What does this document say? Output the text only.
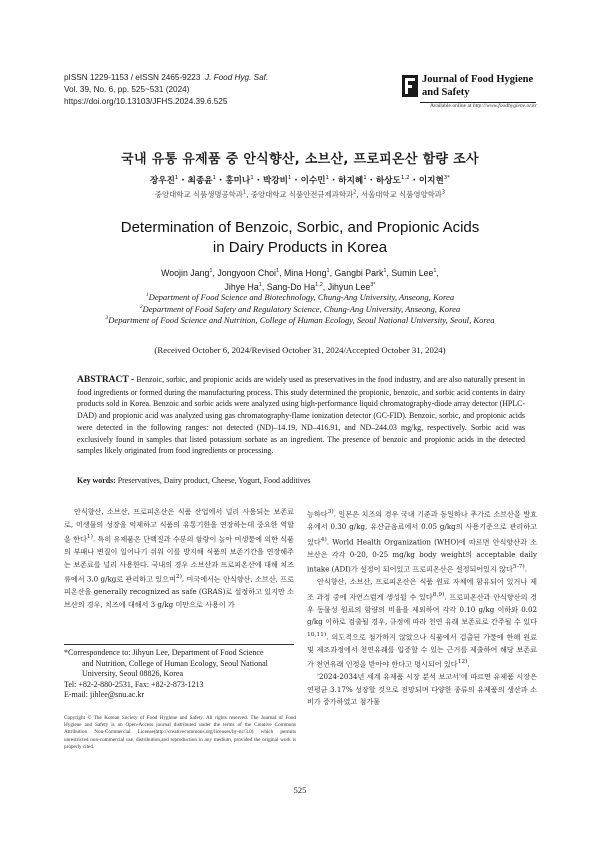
pISSN 1229-1153 / eISSN 2465-9223 J. Food Hyg. Saf.
Vol. 39, No. 6, pp. 525~531 (2024)
https://doi.org/10.13103/JFHS.2024.39.6.525
Journal of Food Hygiene
and Safety
Available online at http://www.foodhygiene.or.kr
국내 유통 유제품 중 안식향산, 소브산, 프로피온산 함량 조사
장우진$^1$ · 최종윤$^1$ · 홍미나$^1$ · 박강비$^1$ · 이수민$^1$ · 하지혜$^1$ · 하상도$^{1,2}$ · 이지현$^{3*}$
중앙대학교 식품생명공학과$^1$, 중앙대학교 식품안전규제과학과$^2$, 서울대학교 식품영양학과$^3$
Determination of Benzoic, Sorbic, and Propionic Acids
in Dairy Products in Korea
Woojin Jang$^1$, Jongyoon Choi$^1$, Mina Hong$^1$, Gangbi Park$^1$, Sumin Lee$^1$,
Jihye Ha$^1$, Sang-Do Ha$^{1,2}$, Jihyun Lee$^{3*}$
$^1$Department of Food Science and Biotechnology, Chung-Ang University, Anseong, Korea
$^2$Department of Food Safety and Regulatory Science, Chung-Ang University, Anseong, Korea
$^3$Department of Food Science and Nutrition, College of Human Ecology, Seoul National University, Seoul, Korea
(Received October 6, 2024/Revised October 31, 2024/Accepted October 31, 2024)
ABSTRACT - Benzoic, sorbic, and propionic acids are widely used as preservatives in the food industry, and are also naturally present in food ingredients or formed during the manufacturing process. This study determined the propionic, benzoic, and sorbic acid contents in dairy products sold in Korea. Benzoic and sorbic acids were analyzed using high-performance liquid chromatography-diode array detector (HPLC-DAD) and propionic acid was analyzed using gas chromatography-flame ionization detector (GC-FID). Benzoic, sorbic, and propionic acids were detected in the following ranges: not detected (ND)–14.19, ND–416.91, and ND–244.03 mg/kg, respectively. Sorbic acid was exclusively found in samples that listed potassium sorbate as an ingredient. The presence of benzoic and propionic acids in the detected samples likely originated from food ingredients or processing.
Key words: Preservatives, Dairy product, Cheese, Yogurt, Food additives

안식향산, 소브산, 프로피온산은 식품 산업에서 널리 사용되는 보존료로, 미생물의 성장을 억제하고 식품의 유통기한을 연장하는데 중요한 역할을 한다$^{1)}$. 특히 유제품은 단백질과 수분의 함량이 높아 미생물에 의한 식품의 부패나 변질이 일어나기 쉬워 이를 방지해 식품의 보존기간을 연장해주는 보존료를 널리 사용한다. 국내의 경우 소브산과 프로피온산에 대해 치즈류에서 3.0 g/kg로 관리하고 있으며$^{2)}$, 미국에서는 안식향산, 소브산, 프로피온산을 generally recognized as safe (GRAS)로 설정하고 있지만 소브산의 경우, 치즈에 대해서 3 g/kg 미만으로 사용이 가

능하다$^{3)}$. 일본은 치즈의 경우 국내 기준과 동일하나 추가로 소브산을 발효유에서 0.30 g/kg, 유산균음료에서 0.05 g/kg의 사용기준으로 관리하고 있다$^{4)}$. World Health Organization (WHO)에 따르면 안식향산과 소브산은 각각 0-20, 0-25 mg/kg body weight의 acceptable daily intake (ADI)가 설정이 되어있고 프로피온산은 설정되어있지 않다$^{5-7)}$.

안식향산, 소브산, 프로피온산은 식품 원료 자체에 함유되어 있거나 제조 과정 중에 자연스럽게 생성될 수 있다$^{8,9)}$. 프로피온산과 안식향산의 경우 동물성 원료의 함량의 비율을 제외하여 각각 0.10 g/kg 이하와 0.02 g/kg 이하로 검출될 경우, 규정에 따라 천연 유래 보존료로 간주될 수 있다$^{10,11)}$. 의도적으로 첨가하지 않았으나 식품에서 검출된 가물에 한해 원료 및 제조과정에서 천연유래를 입증할 수 있는 근거를 제출하여 해당 보존료가 천연유래 인정을 받아야 한다고 명시되어 있다$^{12)}$.

'2024-2034년 세계 유제품 시장 분석 보고서'에 따르면 유제품 시장은 연평균 3.17% 성장할 것으로 전망되며 다양한 종류의 유제품의 생산과 소비가 증가하였고 첨가물

*Correspondence to: Jihyun Lee, Department of Food Science
and Nutrition, College of Human Ecology, Seoul National
University, Seoul 08826, Korea
Tel: +82-2-880-2531, Fax: +82-2-873-1213
E-mail: jihlee@snu.ac.kr
Copyright © The Korean Society of Food Hygiene and Safety. All rights reserved. The Journal of Food Hygiene and Safety is an Open-Access journal distributed under the terms of the Creative Commons Attribution Non-Commercial License(http://creativecommons.org/licenses/by-nc/3.0) which permits unrestricted non-commercial use, distribution,and reproduction in any medium, provided the original work is properly cited.
525
